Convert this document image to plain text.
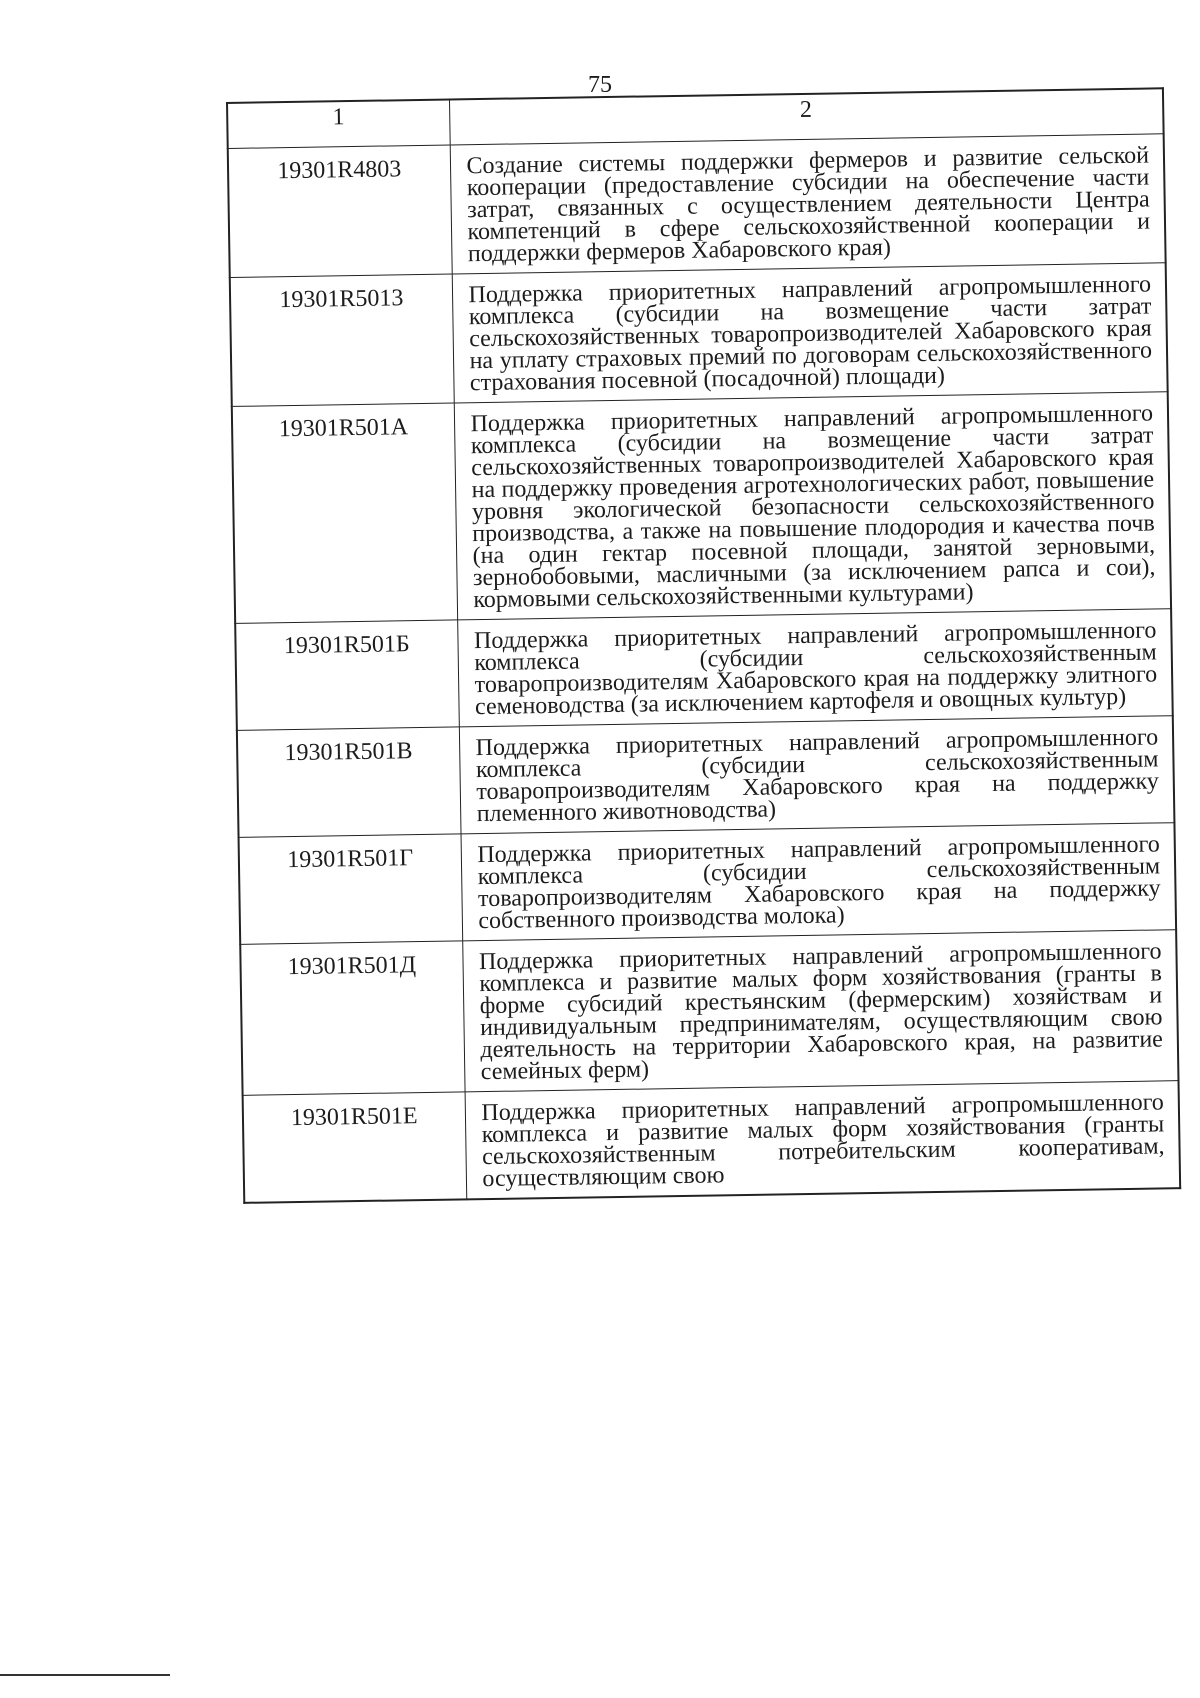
75
1	2
19301R4803	Создание системы поддержки фермеров и развитие сельской кооперации (предоставление субсидии на обеспечение части затрат, связанных с осуществлением деятельности Центра компетенций в сфере сельскохозяйственной кооперации и поддержки фермеров Хабаровского края)
19301R5013	Поддержка приоритетных направлений агропромышленного комплекса (субсидии на возмещение части затрат сельскохозяйственных товаропроизводителей Хабаровского края на уплату страховых премий по договорам сельскохозяйственного страхования посевной (посадочной) площади)
19301R501А	Поддержка приоритетных направлений агропромышленного комплекса (субсидии на возмещение части затрат сельскохозяйственных товаропроизводителей Хабаровского края на поддержку проведения агротехнологических работ, повышение уровня экологической безопасности сельскохозяйственного производства, а также на повышение плодородия и качества почв (на один гектар посевной площади, занятой зерновыми, зернобобовыми, масличными (за исключением рапса и сои), кормовыми сельскохозяйственными культурами)
19301R501Б	Поддержка приоритетных направлений агропромышленного комплекса (субсидии сельскохозяйственным товаропроизводителям Хабаровского края на поддержку элитного семеноводства (за исключением картофеля и овощных культур)
19301R501В	Поддержка приоритетных направлений агропромышленного комплекса (субсидии сельскохозяйственным товаропроизводителям Хабаровского края на поддержку племенного животноводства)
19301R501Г	Поддержка приоритетных направлений агропромышленного комплекса (субсидии сельскохозяйственным товаропроизводителям Хабаровского края на поддержку собственного производства молока)
19301R501Д	Поддержка приоритетных направлений агропромышленного комплекса и развитие малых форм хозяйствования (гранты в форме субсидий крестьянским (фермерским) хозяйствам и индивидуальным предпринимателям, осуществляющим свою деятельность на территории Хабаровского края, на развитие семейных ферм)
19301R501Е	Поддержка приоритетных направлений агропромышленного комплекса и развитие малых форм хозяйствования (гранты сельскохозяйственным потребительским кооперативам, осуществляющим свою
